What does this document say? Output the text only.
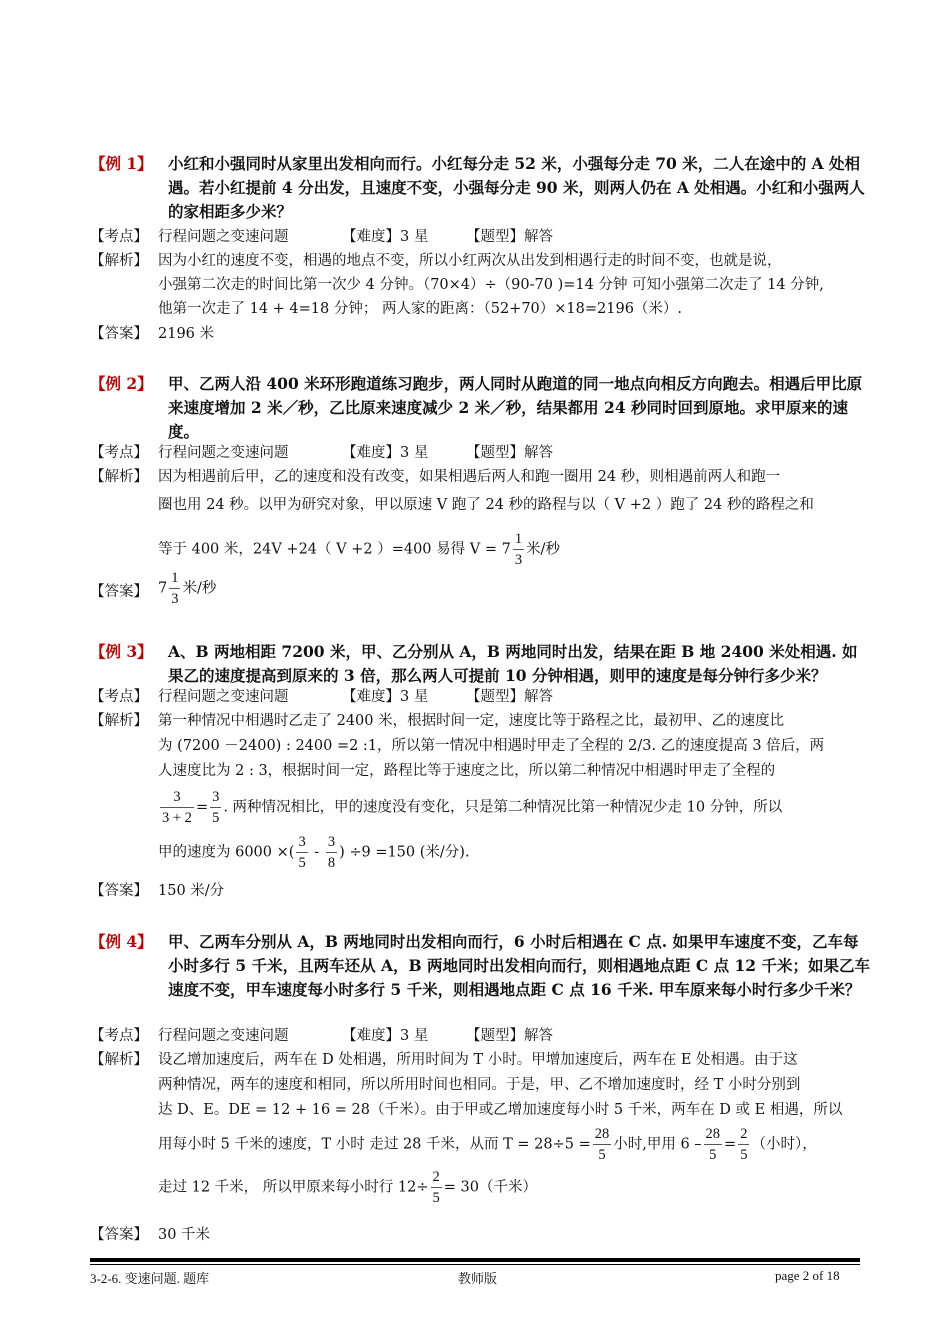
【例 1】 小红和小强同时从家里出发相向而行。小红每分走 52 米，小强每分走 70 米，二人在途中的 A 处相遇。若小红提前 4 分出发，且速度不变，小强每分走 90 米，则两人仍在 A 处相遇。小红和小强两人的家相距多少米？
【考点】 行程问题之变速问题	【难度】3 星	【题型】解答
【解析】 因为小红的速度不变，相遇的地点不变，所以小红两次从出发到相遇行走的时间不变，也就是说，
小强第二次走的时间比第一次少 4 分钟。（70×4）÷（90-70 )=14 分钟 可知小强第二次走了 14 分钟,
他第一次走了 14 + 4=18 分钟； 两人家的距离：（52+70）×18=2196（米）.
【答案】 2196 米
【例 2】 甲、乙两人沿 400 米环形跑道练习跑步，两人同时从跑道的同一地点向相反方向跑去。相遇后甲比原来速度增加 2 米／秒，乙比原来速度减少 2 米／秒，结果都用 24 秒同时回到原地。求甲原来的速度。
【考点】 行程问题之变速问题	【难度】3 星	【题型】解答
【解析】 因为相遇前后甲，乙的速度和没有改变，如果相遇后两人和跑一圈用 24 秒，则相遇前两人和跑一
圈也用 24 秒。以甲为研究对象，甲以原速 V 跑了 24 秒的路程与以（ V +2 ）跑了 24 秒的路程之和
等于 400 米，24V +24（ V +2 ）=400 易得 $V = 7 \frac{1}{3}$ 米/秒
【答案】 $7 \frac{1}{3}$ 米/秒
【例 3】 A、B 两地相距 7200 米，甲、乙分别从 A，B 两地同时出发，结果在距 B 地 2400 米处相遇. 如果乙的速度提高到原来的 3 倍，那么两人可提前 10 分钟相遇，则甲的速度是每分钟行多少米？
【考点】 行程问题之变速问题	【难度】3 星	【题型】解答
【解析】 第一种情况中相遇时乙走了 2400 米，根据时间一定，速度比等于路程之比，最初甲、乙的速度比
为 (7200 －2400) : 2400 =2 :1，所以第一情况中相遇时甲走了全程的 2/3. 乙的速度提高 3 倍后，两
人速度比为 2 : 3，根据时间一定，路程比等于速度之比，所以第二种情况中相遇时甲走了全程的
$\frac{3}{3 + 2} = \frac{3}{5}$ . 两种情况相比，甲的速度没有变化，只是第二种情况比第一种情况少走 10 分钟，所以
甲的速度为 6000 ×( $\frac{3}{5} - \frac{3}{8}$ ) ÷9 =150 (米/分).
【答案】 150 米/分
【例 4】 甲、乙两车分别从 A，B 两地同时出发相向而行，6 小时后相遇在 C 点. 如果甲车速度不变，乙车每小时多行 5 千米，且两车还从 A，B 两地同时出发相向而行，则相遇地点距 C 点 12 千米；如果乙车速度不变，甲车速度每小时多行 5 千米，则相遇地点距 C 点 16 千米. 甲车原来每小时行多少千米？
【考点】 行程问题之变速问题	【难度】3 星	【题型】解答
【解析】 设乙增加速度后，两车在 D 处相遇，所用时间为 T 小时。甲增加速度后，两车在 E 处相遇。由于这
两种情况，两车的速度和相同，所以所用时间也相同。于是，甲、乙不增加速度时，经 T 小时分别到
达 D、E。DE = 12 + 16 = 28（千米）。由于甲或乙增加速度每小时 5 千米，两车在 D 或 E 相遇，所以
用每小时 5 千米的速度，T 小时 走过 28 千米，从而 $T = 28\div 5 = \frac{28}{5}$ 小时,甲用 $6 - \frac{28}{5} = \frac{2}{5}$ （小时），
走过 12 千米， 所以甲原来每小时行 $12\div \frac{2}{5} = 30$（千米）
【答案】 30 千米
3-2-6. 变速问题. 题库	教师版	page 2 of 18
